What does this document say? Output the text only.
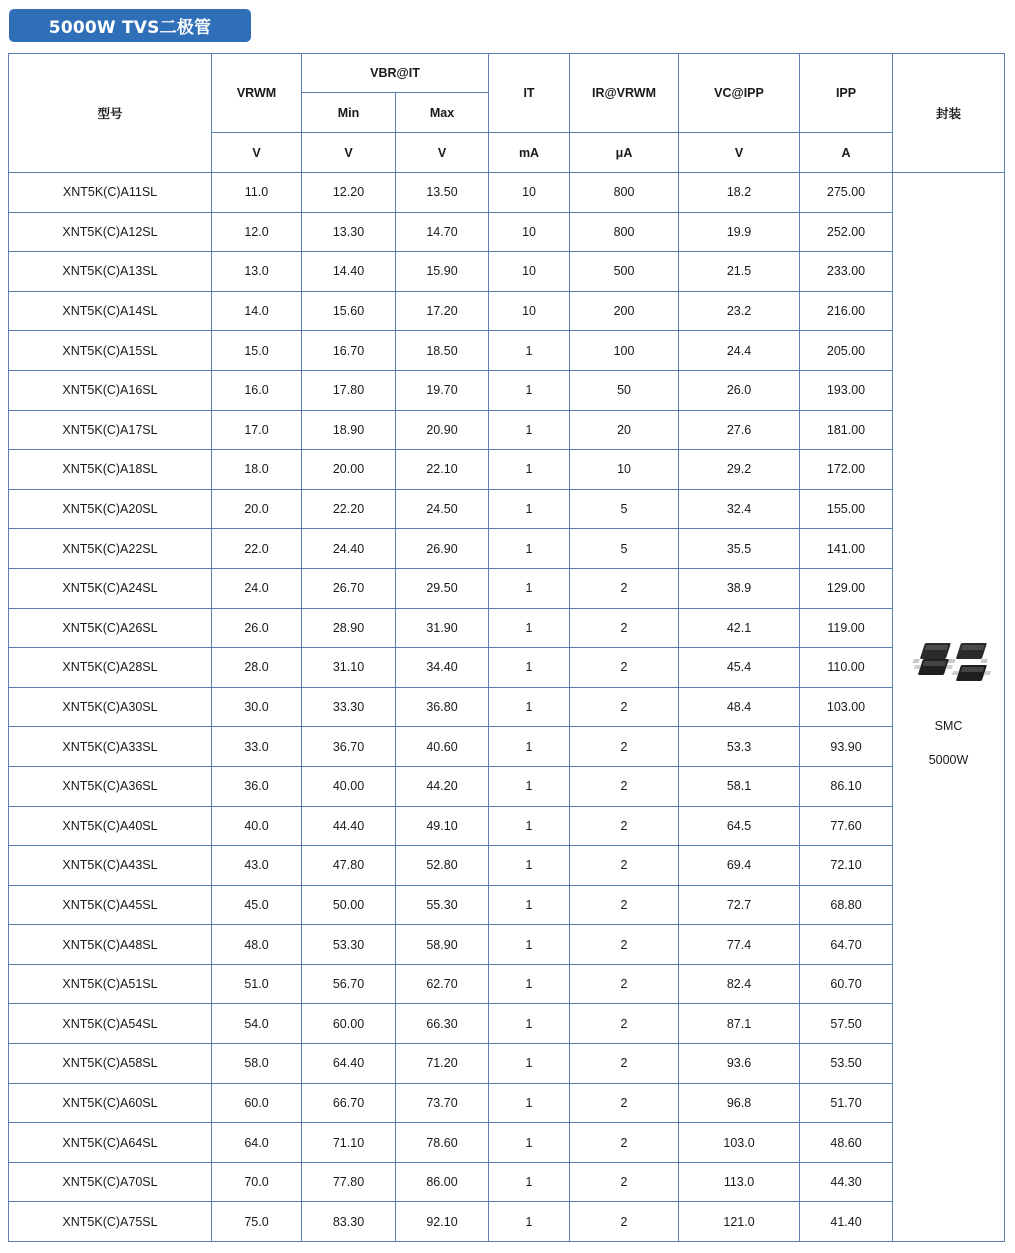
5000W TVS二极管
型号	VRWM	VBR@IT		IT	IR@VRWM	VC@IPP	IPP	封装
		Min	Max					
	V	V	V	mA	μA	V	A	
XNT5K(C)A11SL	11.0	12.20	13.50	10	800	18.2	275.00	SMC
5000W

XNT5K(C)A12SL	12.0	13.30	14.70	10	800	19.9	252.00	
XNT5K(C)A13SL	13.0	14.40	15.90	10	500	21.5	233.00	
XNT5K(C)A14SL	14.0	15.60	17.20	10	200	23.2	216.00	
XNT5K(C)A15SL	15.0	16.70	18.50	1	100	24.4	205.00	
XNT5K(C)A16SL	16.0	17.80	19.70	1	50	26.0	193.00	
XNT5K(C)A17SL	17.0	18.90	20.90	1	20	27.6	181.00	
XNT5K(C)A18SL	18.0	20.00	22.10	1	10	29.2	172.00	
XNT5K(C)A20SL	20.0	22.20	24.50	1	5	32.4	155.00	
XNT5K(C)A22SL	22.0	24.40	26.90	1	5	35.5	141.00	
XNT5K(C)A24SL	24.0	26.70	29.50	1	2	38.9	129.00	
XNT5K(C)A26SL	26.0	28.90	31.90	1	2	42.1	119.00	
XNT5K(C)A28SL	28.0	31.10	34.40	1	2	45.4	110.00	
XNT5K(C)A30SL	30.0	33.30	36.80	1	2	48.4	103.00	
XNT5K(C)A33SL	33.0	36.70	40.60	1	2	53.3	93.90	
XNT5K(C)A36SL	36.0	40.00	44.20	1	2	58.1	86.10	
XNT5K(C)A40SL	40.0	44.40	49.10	1	2	64.5	77.60	
XNT5K(C)A43SL	43.0	47.80	52.80	1	2	69.4	72.10	
XNT5K(C)A45SL	45.0	50.00	55.30	1	2	72.7	68.80	
XNT5K(C)A48SL	48.0	53.30	58.90	1	2	77.4	64.70	
XNT5K(C)A51SL	51.0	56.70	62.70	1	2	82.4	60.70	
XNT5K(C)A54SL	54.0	60.00	66.30	1	2	87.1	57.50	
XNT5K(C)A58SL	58.0	64.40	71.20	1	2	93.6	53.50	
XNT5K(C)A60SL	60.0	66.70	73.70	1	2	96.8	51.70	
XNT5K(C)A64SL	64.0	71.10	78.60	1	2	103.0	48.60	
XNT5K(C)A70SL	70.0	77.80	86.00	1	2	113.0	44.30	
XNT5K(C)A75SL	75.0	83.30	92.10	1	2	121.0	41.40	
